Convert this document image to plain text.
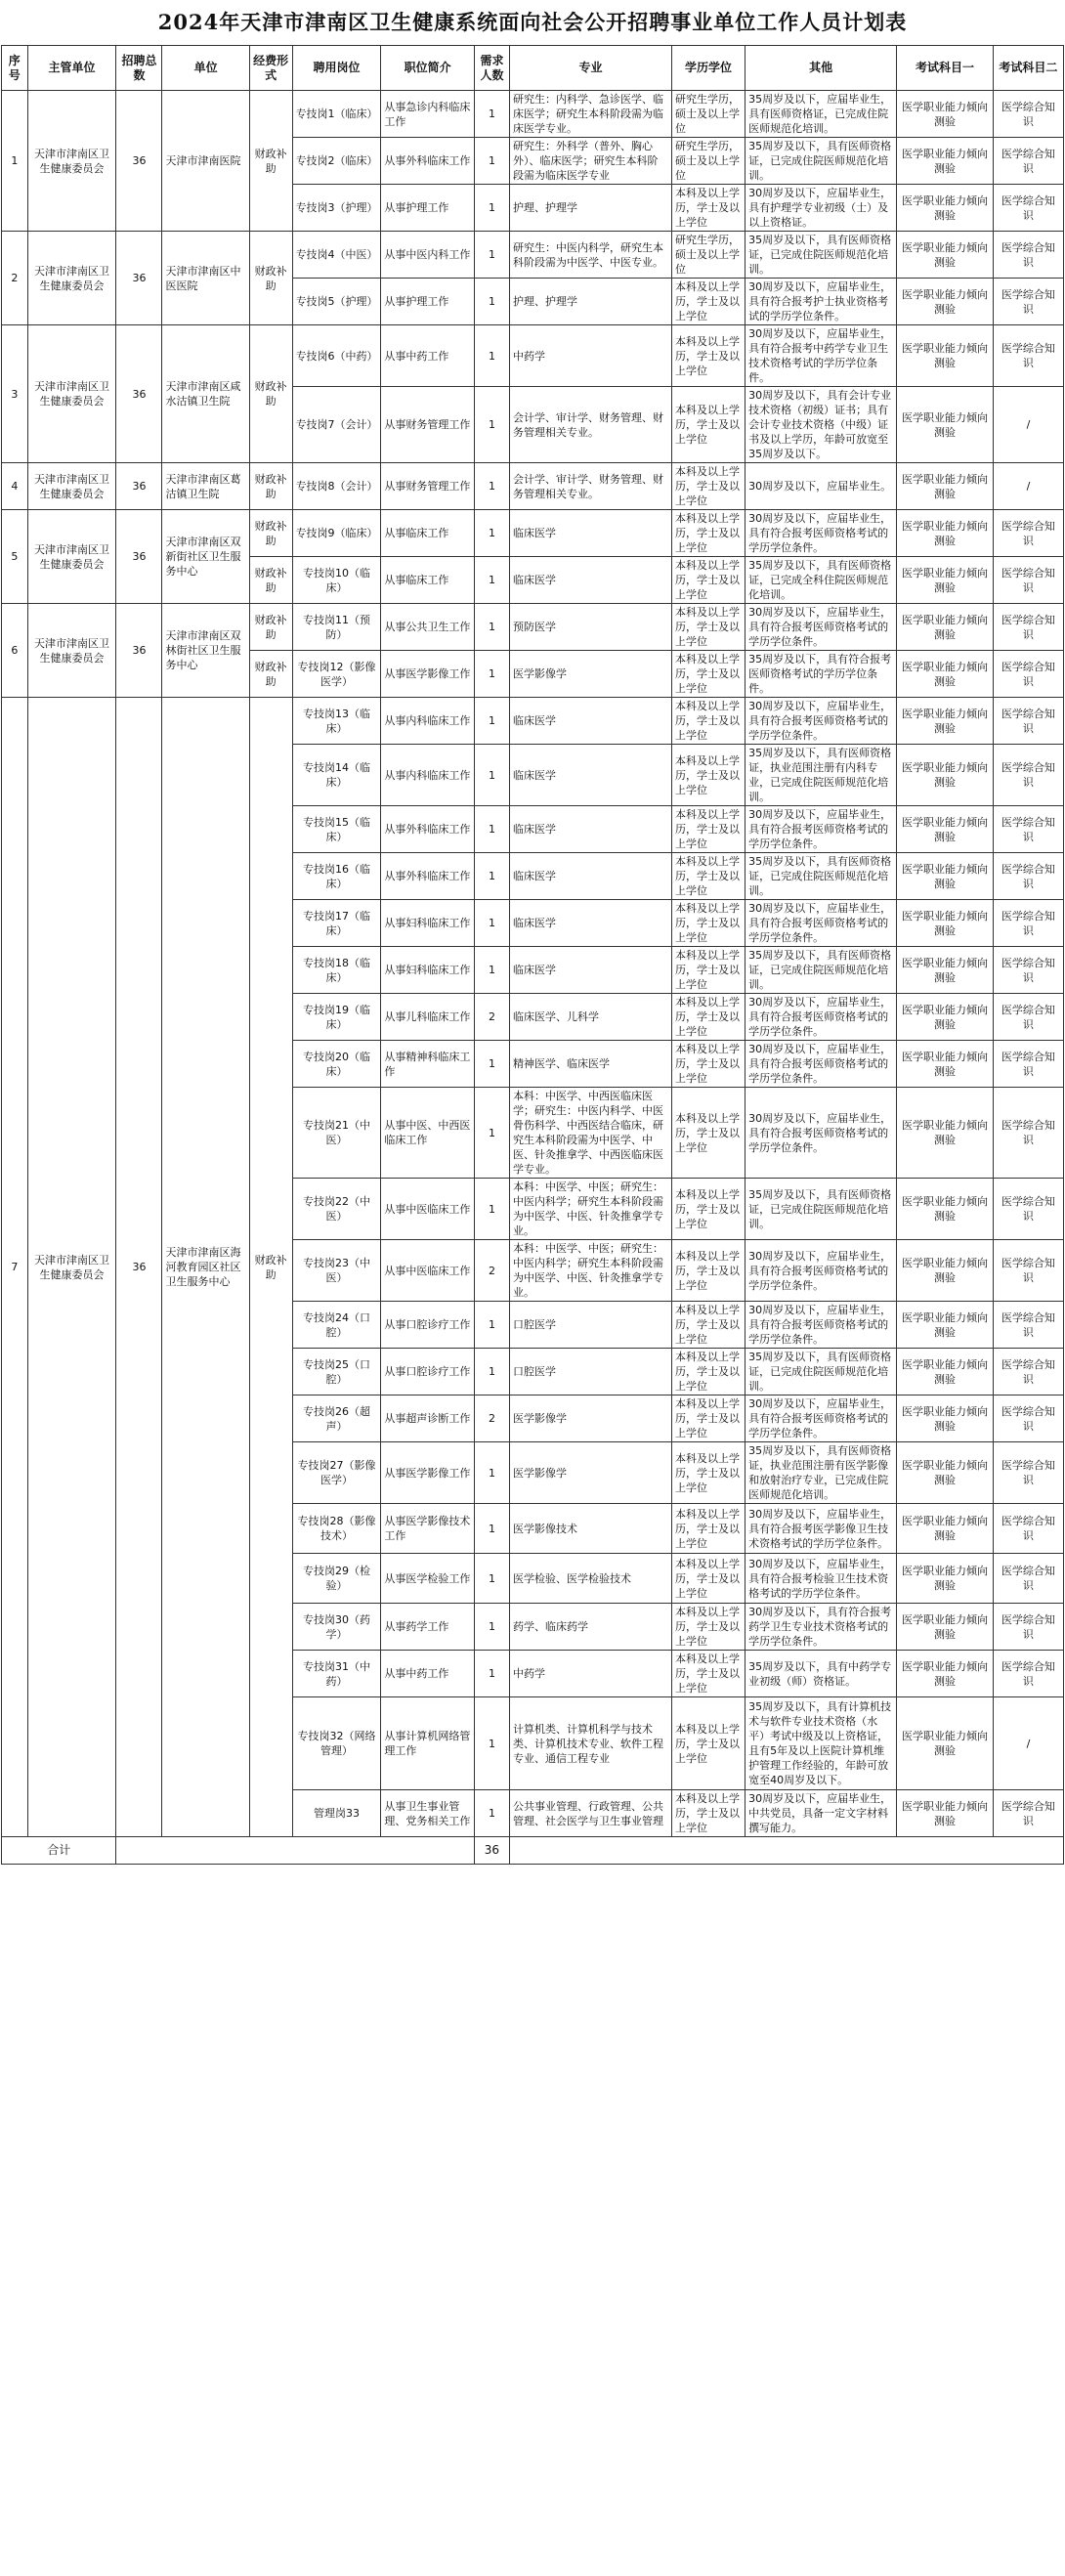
2024年天津市津南区卫生健康系统面向社会公开招聘事业单位工作人员计划表
序号	主管单位	招聘总数	单位	经费形式	聘用岗位	职位简介	需求人数	专业	学历学位	其他	考试科目一	考试科目二
1	天津市津南区卫生健康委员会	36	天津市津南医院	财政补助	专技岗1（临床）	从事急诊内科临床工作	1	研究生：内科学、急诊医学、临床医学；研究生本科阶段需为临床医学专业。	研究生学历，硕士及以上学位	35周岁及以下，应届毕业生，具有医师资格证，已完成住院医师规范化培训。	医学职业能力倾向测验	医学综合知识
					专技岗2（临床）	从事外科临床工作	1	研究生：外科学（普外、胸心外）、临床医学；研究生本科阶段需为临床医学专业	研究生学历，硕士及以上学位	35周岁及以下，具有医师资格证，已完成住院医师规范化培训。	医学职业能力倾向测验	医学综合知识
					专技岗3（护理）	从事护理工作	1	护理、护理学	本科及以上学历，学士及以上学位	30周岁及以下，应届毕业生，具有护理学专业初级（士）及以上资格证。	医学职业能力倾向测验	医学综合知识
2	天津市津南区卫生健康委员会	36	天津市津南区中医医院	财政补助	专技岗4（中医）	从事中医内科工作	1	研究生：中医内科学，研究生本科阶段需为中医学、中医专业。	研究生学历，硕士及以上学位	35周岁及以下，具有医师资格证，已完成住院医师规范化培训。	医学职业能力倾向测验	医学综合知识
					专技岗5（护理）	从事护理工作	1	护理、护理学	本科及以上学历，学士及以上学位	30周岁及以下，应届毕业生，具有符合报考护士执业资格考试的学历学位条件。	医学职业能力倾向测验	医学综合知识
3	天津市津南区卫生健康委员会	36	天津市津南区咸水沽镇卫生院	财政补助	专技岗6（中药）	从事中药工作	1	中药学	本科及以上学历，学士及以上学位	30周岁及以下，应届毕业生，具有符合报考中药学专业卫生技术资格考试的学历学位条件。	医学职业能力倾向测验	医学综合知识
					专技岗7（会计）	从事财务管理工作	1	会计学、审计学、财务管理、财务管理相关专业。	本科及以上学历，学士及以上学位	30周岁及以下，具有会计专业技术资格（初级）证书；具有会计专业技术资格（中级）证书及以上学历，年龄可放宽至35周岁及以下。	医学职业能力倾向测验	/
4	天津市津南区卫生健康委员会	36	天津市津南区葛沽镇卫生院	财政补助	专技岗8（会计）	从事财务管理工作	1	会计学、审计学、财务管理、财务管理相关专业。	本科及以上学历，学士及以上学位	30周岁及以下，应届毕业生。	医学职业能力倾向测验	/
5	天津市津南区卫生健康委员会	36	天津市津南区双新街社区卫生服务中心	财政补助	专技岗9（临床）	从事临床工作	1	临床医学	本科及以上学历，学士及以上学位	30周岁及以下，应届毕业生，具有符合报考医师资格考试的学历学位条件。	医学职业能力倾向测验	医学综合知识
				财政补助	专技岗10（临床）	从事临床工作	1	临床医学	本科及以上学历，学士及以上学位	35周岁及以下，具有医师资格证，已完成全科住院医师规范化培训。	医学职业能力倾向测验	医学综合知识
6	天津市津南区卫生健康委员会	36	天津市津南区双林街社区卫生服务中心	财政补助	专技岗11（预防）	从事公共卫生工作	1	预防医学	本科及以上学历，学士及以上学位	30周岁及以下，应届毕业生，具有符合报考医师资格考试的学历学位条件。	医学职业能力倾向测验	医学综合知识
				财政补助	专技岗12（影像医学）	从事医学影像工作	1	医学影像学	本科及以上学历，学士及以上学位	35周岁及以下，具有符合报考医师资格考试的学历学位条件。	医学职业能力倾向测验	医学综合知识
7	天津市津南区卫生健康委员会	36	天津市津南区海河教育园区社区卫生服务中心	财政补助	专技岗13（临床）	从事内科临床工作	1	临床医学	本科及以上学历，学士及以上学位	30周岁及以下，应届毕业生，具有符合报考医师资格考试的学历学位条件。	医学职业能力倾向测验	医学综合知识
					专技岗14（临床）	从事内科临床工作	1	临床医学	本科及以上学历，学士及以上学位	35周岁及以下，具有医师资格证，执业范围注册有内科专业，已完成住院医师规范化培训。	医学职业能力倾向测验	医学综合知识
					专技岗15（临床）	从事外科临床工作	1	临床医学	本科及以上学历，学士及以上学位	30周岁及以下，应届毕业生，具有符合报考医师资格考试的学历学位条件。	医学职业能力倾向测验	医学综合知识
					专技岗16（临床）	从事外科临床工作	1	临床医学	本科及以上学历，学士及以上学位	35周岁及以下，具有医师资格证，已完成住院医师规范化培训。	医学职业能力倾向测验	医学综合知识
					专技岗17（临床）	从事妇科临床工作	1	临床医学	本科及以上学历，学士及以上学位	30周岁及以下，应届毕业生，具有符合报考医师资格考试的学历学位条件。	医学职业能力倾向测验	医学综合知识
					专技岗18（临床）	从事妇科临床工作	1	临床医学	本科及以上学历，学士及以上学位	35周岁及以下，具有医师资格证，已完成住院医师规范化培训。	医学职业能力倾向测验	医学综合知识
					专技岗19（临床）	从事儿科临床工作	2	临床医学、儿科学	本科及以上学历，学士及以上学位	30周岁及以下，应届毕业生，具有符合报考医师资格考试的学历学位条件。	医学职业能力倾向测验	医学综合知识
					专技岗20（临床）	从事精神科临床工作	1	精神医学、临床医学	本科及以上学历，学士及以上学位	30周岁及以下，应届毕业生，具有符合报考医师资格考试的学历学位条件。	医学职业能力倾向测验	医学综合知识
					专技岗21（中医）	从事中医、中西医临床工作	1	本科：中医学、中西医临床医学；研究生：中医内科学、中医骨伤科学、中西医结合临床，研究生本科阶段需为中医学、中医、针灸推拿学、中西医临床医学专业。	本科及以上学历，学士及以上学位	30周岁及以下，应届毕业生，具有符合报考医师资格考试的学历学位条件。	医学职业能力倾向测验	医学综合知识
					专技岗22（中医）	从事中医临床工作	1	本科：中医学、中医；研究生：中医内科学；研究生本科阶段需为中医学、中医、针灸推拿学专业。	本科及以上学历，学士及以上学位	35周岁及以下，具有医师资格证，已完成住院医师规范化培训。	医学职业能力倾向测验	医学综合知识
					专技岗23（中医）	从事中医临床工作	2	本科：中医学、中医；研究生：中医内科学；研究生本科阶段需为中医学、中医、针灸推拿学专业。	本科及以上学历，学士及以上学位	30周岁及以下，应届毕业生，具有符合报考医师资格考试的学历学位条件。	医学职业能力倾向测验	医学综合知识
					专技岗24（口腔）	从事口腔诊疗工作	1	口腔医学	本科及以上学历，学士及以上学位	30周岁及以下，应届毕业生，具有符合报考医师资格考试的学历学位条件。	医学职业能力倾向测验	医学综合知识
					专技岗25（口腔）	从事口腔诊疗工作	1	口腔医学	本科及以上学历，学士及以上学位	35周岁及以下，具有医师资格证，已完成住院医师规范化培训。	医学职业能力倾向测验	医学综合知识
					专技岗26（超声）	从事超声诊断工作	2	医学影像学	本科及以上学历，学士及以上学位	30周岁及以下，应届毕业生，具有符合报考医师资格考试的学历学位条件。	医学职业能力倾向测验	医学综合知识
					专技岗27（影像医学）	从事医学影像工作	1	医学影像学	本科及以上学历，学士及以上学位	35周岁及以下，具有医师资格证，执业范围注册有医学影像和放射治疗专业，已完成住院医师规范化培训。	医学职业能力倾向测验	医学综合知识
					专技岗28（影像技术）	从事医学影像技术工作	1	医学影像技术	本科及以上学历，学士及以上学位	30周岁及以下，应届毕业生，具有符合报考医学影像卫生技术资格考试的学历学位条件。	医学职业能力倾向测验	医学综合知识
					专技岗29（检验）	从事医学检验工作	1	医学检验、医学检验技术	本科及以上学历，学士及以上学位	30周岁及以下，应届毕业生，具有符合报考检验卫生技术资格考试的学历学位条件。	医学职业能力倾向测验	医学综合知识
					专技岗30（药学）	从事药学工作	1	药学、临床药学	本科及以上学历，学士及以上学位	30周岁及以下，具有符合报考药学卫生专业技术资格考试的学历学位条件。	医学职业能力倾向测验	医学综合知识
					专技岗31（中药）	从事中药工作	1	中药学	本科及以上学历，学士及以上学位	35周岁及以下，具有中药学专业初级（师）资格证。	医学职业能力倾向测验	医学综合知识
					专技岗32（网络管理）	从事计算机网络管理工作	1	计算机类、计算机科学与技术类、计算机技术专业、软件工程专业、通信工程专业	本科及以上学历，学士及以上学位	35周岁及以下，具有计算机技术与软件专业技术资格（水平）考试中级及以上资格证，且有5年及以上医院计算机维护管理工作经验的，年龄可放宽至40周岁及以下。	医学职业能力倾向测验	/
					管理岗33	从事卫生事业管理、党务相关工作	1	公共事业管理、行政管理、公共管理、社会医学与卫生事业管理	本科及以上学历，学士及以上学位	30周岁及以下，应届毕业生，中共党员，具备一定文字材料撰写能力。	医学职业能力倾向测验	医学综合知识
合计							36					
